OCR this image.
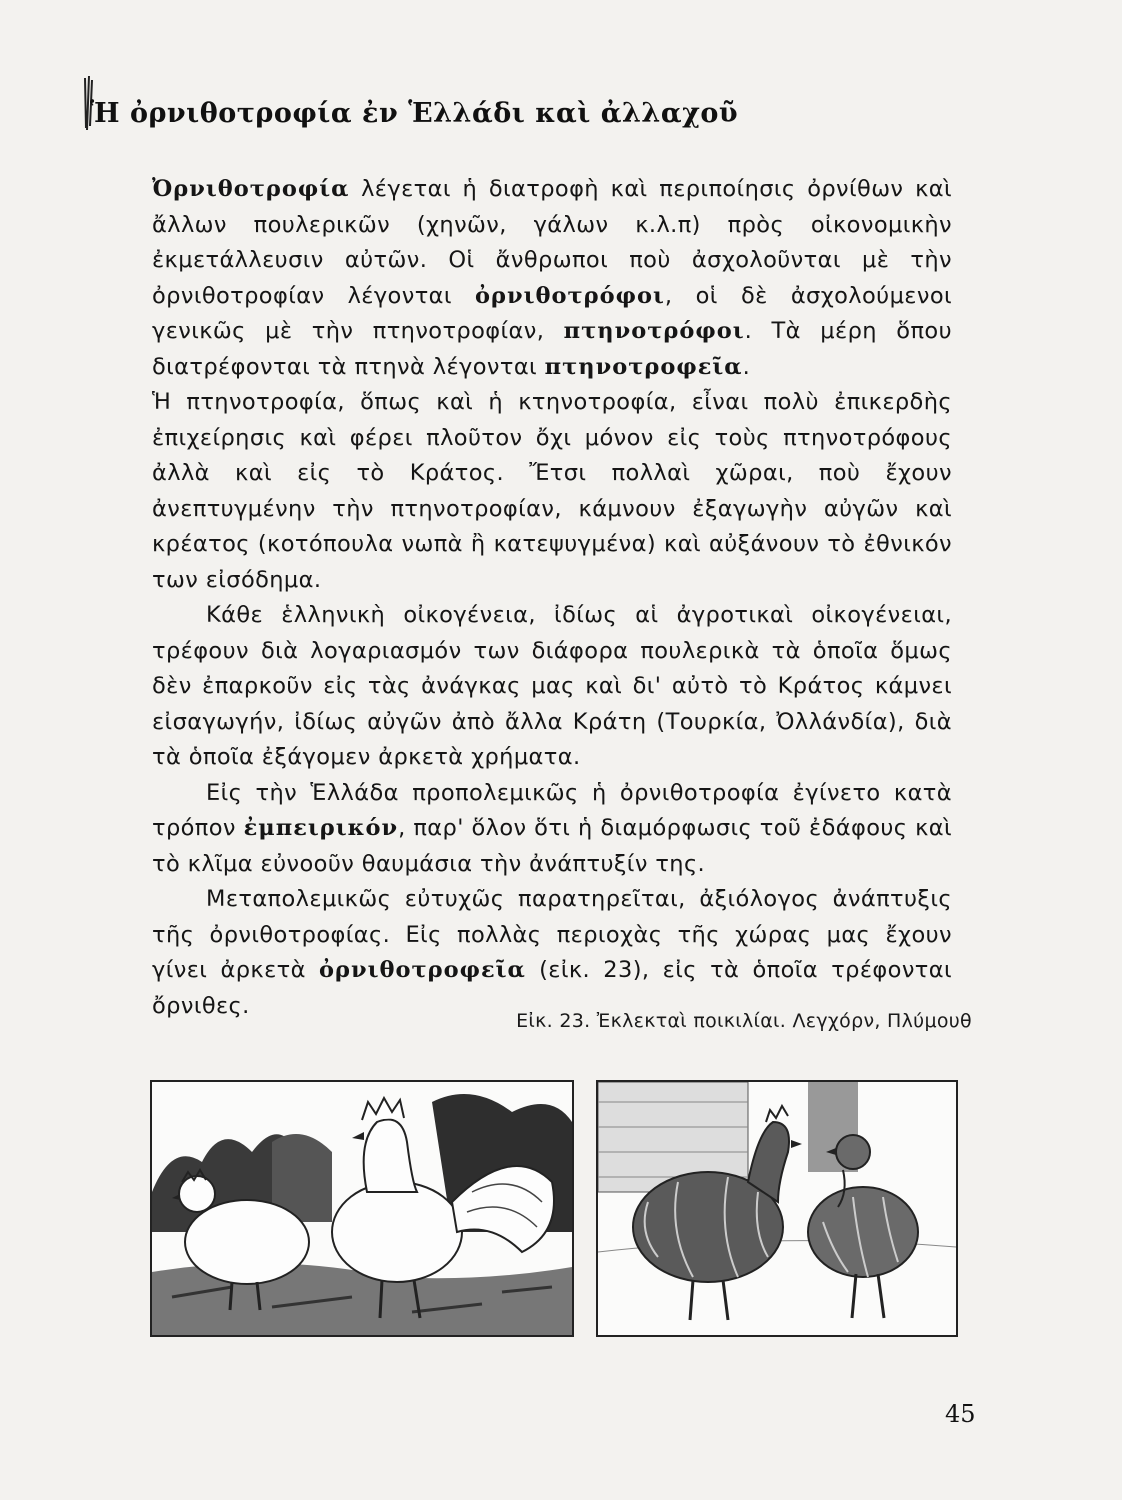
Ἡ ὀρνιθοτροφία ἐν Ἑλλάδι καὶ ἀλλαχοῦ

Ὀρνιθοτροφία λέγεται ἡ διατροφὴ καὶ περιποίησις ὀρνίθων καὶ ἄλλων πουλερικῶν (χηνῶν, γάλων κ.λ.π) πρὸς οἰκονομικὴν ἐκμετάλλευσιν αὐτῶν. Οἱ ἄνθρωποι ποὺ ἀσχολοῦνται μὲ τὴν ὀρνιθοτροφίαν λέγονται ὀρνιθοτρόφοι, οἱ δὲ ἀσχολούμενοι γενικῶς μὲ τὴν πτηνοτροφίαν, πτηνοτρόφοι. Τὰ μέρη ὅπου διατρέφονται τὰ πτηνὰ λέγονται πτηνοτροφεῖα.

Ἡ πτηνοτροφία, ὅπως καὶ ἡ κτηνοτροφία, εἶναι πολὺ ἐπικερδὴς ἐπιχείρησις καὶ φέρει πλοῦτον ὄχι μόνον εἰς τοὺς πτηνοτρόφους ἀλλὰ καὶ εἰς τὸ Κράτος. Ἔτσι πολλαὶ χῶραι, ποὺ ἔχουν ἀνεπτυγμένην τὴν πτηνοτροφίαν, κάμνουν ἐξαγωγὴν αὐγῶν καὶ κρέατος (κοτόπουλα νωπὰ ἢ κατεψυγμένα) καὶ αὐξάνουν τὸ ἐθνικόν των εἰσόδημα.

Κάθε ἑλληνικὴ οἰκογένεια, ἰδίως αἱ ἀγροτικαὶ οἰκογένειαι, τρέφουν διὰ λογαριασμόν των διάφορα πουλερικὰ τὰ ὁποῖα ὅμως δὲν ἐπαρκοῦν εἰς τὰς ἀνάγκας μας καὶ δι' αὐτὸ τὸ Κράτος κάμνει εἰσαγωγήν, ἰδίως αὐγῶν ἀπὸ ἄλλα Κράτη (Τουρκία, Ὀλλάνδία), διὰ τὰ ὁποῖα ἐξάγομεν ἀρκετὰ χρήματα.

Εἰς τὴν Ἑλλάδα προπολεμικῶς ἡ ὀρνιθοτροφία ἐγίνετο κατὰ τρόπον ἐμπειρικόν, παρ' ὅλον ὅτι ἡ διαμόρφωσις τοῦ ἐδάφους καὶ τὸ κλῖμα εὐνοοῦν θαυμάσια τὴν ἀνάπτυξίν της.

Μεταπολεμικῶς εὐτυχῶς παρατηρεῖται, ἀξιόλογος ἀνάπτυξις τῆς ὀρνιθοτροφίας. Εἰς πολλὰς περιοχὰς τῆς χώρας μας ἔχουν γίνει ἀρκετὰ ὀρνιθοτροφεῖα (εἰκ. 23), εἰς τὰ ὁποῖα τρέφονται ὄρνιθες.

Εἰκ. 23. Ἐκλεκταὶ ποικιλίαι. Λεγχόρν, Πλύμουθ
45
